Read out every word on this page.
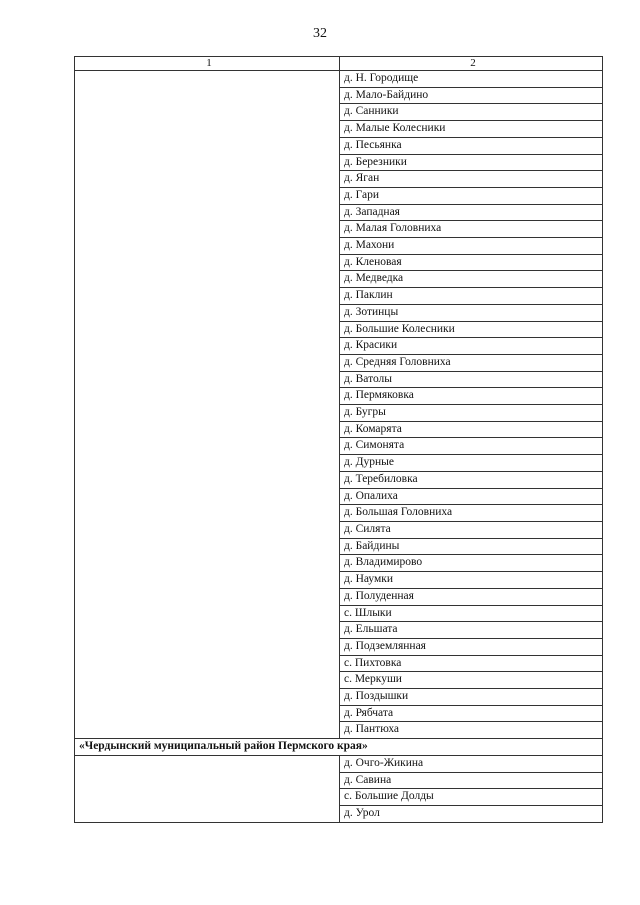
32
1	2
	д. Н. Городище
	д. Мало-Байдино
	д. Санники
	д. Малые Колесники
	д. Песьянка
	д. Березники
	д. Яган
	д. Гари
	д. Западная
	д. Малая Головниха
	д. Махони
	д. Кленовая
	д. Медведка
	д. Паклин
	д. Зотинцы
	д. Большие Колесники
	д. Красики
	д. Средняя Головниха
	д. Ватолы
	д. Пермяковка
	д. Бугры
	д. Комарята
	д. Симонята
	д. Дурные
	д. Теребиловка
	д. Опалиха
	д. Большая Головниха
	д. Силята
	д. Байдины
	д. Владимирово
	д. Наумки
	д. Полуденная
	с. Шлыки
	д. Ельшата
	д. Подземлянная
	с. Пихтовка
	с. Меркуши
	д. Поздышки
	д. Рябчата
	д. Пантюха
«Чердынский муниципальный район Пермского края»	
	д. Очго-Жикина
	д. Савина
	с. Большие Долды
	д. Урол
